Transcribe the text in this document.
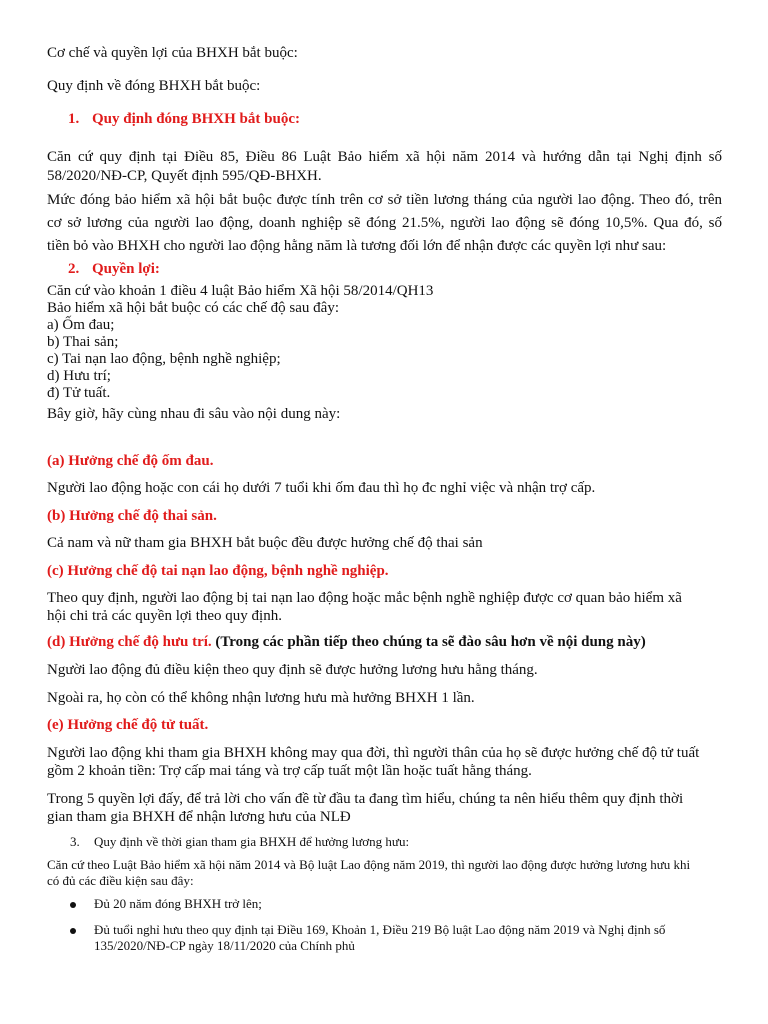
Cơ chế và quyền lợi của BHXH bắt buộc:
Quy định về đóng BHXH bắt buộc:
1. Quy định đóng BHXH bắt buộc:
Căn cứ quy định tại Điều 85, Điều 86 Luật Bảo hiểm xã hội năm 2014 và hướng dẫn tại Nghị định số
58/2020/NĐ-CP, Quyết định 595/QĐ-BHXH.
Mức đóng bảo hiểm xã hội bắt buộc được tính trên cơ sở tiền lương tháng của người lao động. Theo đó, trên
cơ sở lương của người lao động, doanh nghiệp sẽ đóng 21.5%, người lao động sẽ đóng 10,5%. Qua đó, số
tiền bỏ vào BHXH cho người lao động hằng năm là tương đối lớn để nhận được các quyền lợi như sau:
2. Quyền lợi:
Căn cứ vào khoản 1 điều 4 luật Bảo hiểm Xã hội 58/2014/QH13
Bảo hiểm xã hội bắt buộc có các chế độ sau đây:
a) Ốm đau;
b) Thai sản;
c) Tai nạn lao động, bệnh nghề nghiệp;
d) Hưu trí;
đ) Tử tuất.
Bây giờ, hãy cùng nhau đi sâu vào nội dung này:
(a) Hưởng chế độ ốm đau.
Người lao động hoặc con cái họ dưới 7 tuổi khi ốm đau thì họ đc nghỉ việc và nhận trợ cấp.
(b) Hưởng chế độ thai sản.
Cả nam và nữ tham gia BHXH bắt buộc đều được hưởng chế độ thai sản
(c) Hưởng chế độ tai nạn lao động, bệnh nghề nghiệp.
Theo quy định, người lao động bị tai nạn lao động hoặc mắc bệnh nghề nghiệp được cơ quan bảo hiểm xã
hội chi trả các quyền lợi theo quy định.
(d) Hưởng chế độ hưu trí. (Trong các phần tiếp theo chúng ta sẽ đào sâu hơn về nội dung này)
Người lao động đủ điều kiện theo quy định sẽ được hưởng lương hưu hằng tháng.
Ngoài ra, họ còn có thể không nhận lương hưu mà hưởng BHXH 1 lần.
(e) Hưởng chế độ tử tuất.
Người lao động khi tham gia BHXH không may qua đời, thì người thân của họ sẽ được hưởng chế độ tử tuất
gồm 2 khoản tiền: Trợ cấp mai táng và trợ cấp tuất một lần hoặc tuất hằng tháng.
Trong 5 quyền lợi đấy, để trả lời cho vấn đề từ đầu ta đang tìm hiểu, chúng ta nên hiểu thêm quy định thời
gian tham gia BHXH để nhận lương hưu của NLĐ
3. Quy định về thời gian tham gia BHXH để hưởng lương hưu:
Căn cứ theo Luật Bảo hiểm xã hội năm 2014 và Bộ luật Lao động năm 2019, thì người lao động được hưởng lương hưu khi
có đủ các điều kiện sau đây:
Đủ 20 năm đóng BHXH trở lên;
Đủ tuổi nghỉ hưu theo quy định tại Điều 169, Khoản 1, Điều 219 Bộ luật Lao động năm 2019 và Nghị định số
135/2020/NĐ-CP ngày 18/11/2020 của Chính phủ
